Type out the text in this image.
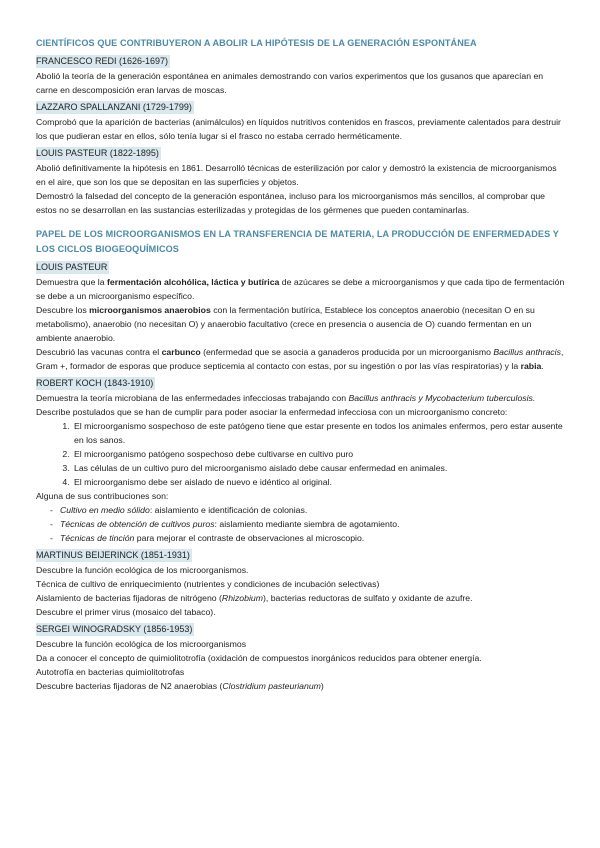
CIENTÍFICOS QUE CONTRIBUYERON A ABOLIR LA HIPÓTESIS DE LA GENERACIÓN ESPONTÁNEA
FRANCESCO REDI (1626-1697)

Abolió la teoría de la generación espontánea en animales demostrando con varios experimentos que los gusanos que aparecían en carne en descomposición eran larvas de moscas.

LAZZARO SPALLANZANI (1729-1799)

Comprobó que la aparición de bacterias (animálculos) en líquidos nutritivos contenidos en frascos, previamente calentados para destruir los que pudieran estar en ellos, sólo tenía lugar si el frasco no estaba cerrado herméticamente.

LOUIS PASTEUR (1822-1895)

Abolió definitivamente la hipótesis en 1861. Desarrolló técnicas de esterilización por calor y demostró la existencia de microorganismos en el aire, que son los que se depositan en las superficies y objetos.

Demostró la falsedad del concepto de la generación espontánea, incluso para los microorganismos más sencillos, al comprobar que estos no se desarrollan en las sustancias esterilizadas y protegidas de los gérmenes que pueden contaminarlas.

PAPEL DE LOS MICROORGANISMOS EN LA TRANSFERENCIA DE MATERIA, LA PRODUCCIÓN DE ENFERMEDADES Y LOS CICLOS BIOGEOQUÍMICOS
LOUIS PASTEUR

Demuestra que la fermentación alcohólica, láctica y butírica de azúcares se debe a microorganismos y que cada tipo de fermentación se debe a un microorganismo específico.

Descubre los microorganismos anaerobios con la fermentación butírica, Establece los conceptos anaerobio (necesitan O en su metabolismo), anaerobio (no necesitan O) y anaerobio facultativo (crece en presencia o ausencia de O) cuando fermentan en un ambiente anaerobio.

Descubrió las vacunas contra el carbunco (enfermedad que se asocia a ganaderos producida por un microorganismo Bacillus anthracis, Gram +, formador de esporas que produce septicemia al contacto con estas, por su ingestión o por las vías respiratorias) y la rabia.

ROBERT KOCH (1843-1910)

Demuestra la teoría microbiana de las enfermedades infecciosas trabajando con Bacillus anthracis y Mycobacterium tuberculosis.

Describe postulados que se han de cumplir para poder asociar la enfermedad infecciosa con un microorganismo concreto:

1. El microorganismo sospechoso de este patógeno tiene que estar presente en todos los animales enfermos, pero estar ausente en los sanos.
2. El microorganismo patógeno sospechoso debe cultivarse en cultivo puro
3. Las células de un cultivo puro del microorganismo aislado debe causar enfermedad en animales.
4. El microorganismo debe ser aislado de nuevo e idéntico al original.

Alguna de sus contribuciones son:

- Cultivo en medio sólido: aislamiento e identificación de colonias.
- Técnicas de obtención de cultivos puros: aislamiento mediante siembra de agotamiento.
- Técnicas de tinción para mejorar el contraste de observaciones al microscopio.
MARTINUS BEIJERINCK (1851-1931)

Descubre la función ecológica de los microorganismos.

Técnica de cultivo de enriquecimiento (nutrientes y condiciones de incubación selectivas)

Aislamiento de bacterias fijadoras de nitrógeno (Rhizobium), bacterias reductoras de sulfato y oxidante de azufre.

Descubre el primer virus (mosaico del tabaco).

SERGEI WINOGRADSKY (1856-1953)

Descubre la función ecológica de los microorganismos

Da a conocer el concepto de quimiolitotrofía (oxidación de compuestos inorgánicos reducidos para obtener energía.

Autotrofía en bacterias quimiolitotrofas

Descubre bacterias fijadoras de N2 anaerobias (Clostridium pasteurianum)
